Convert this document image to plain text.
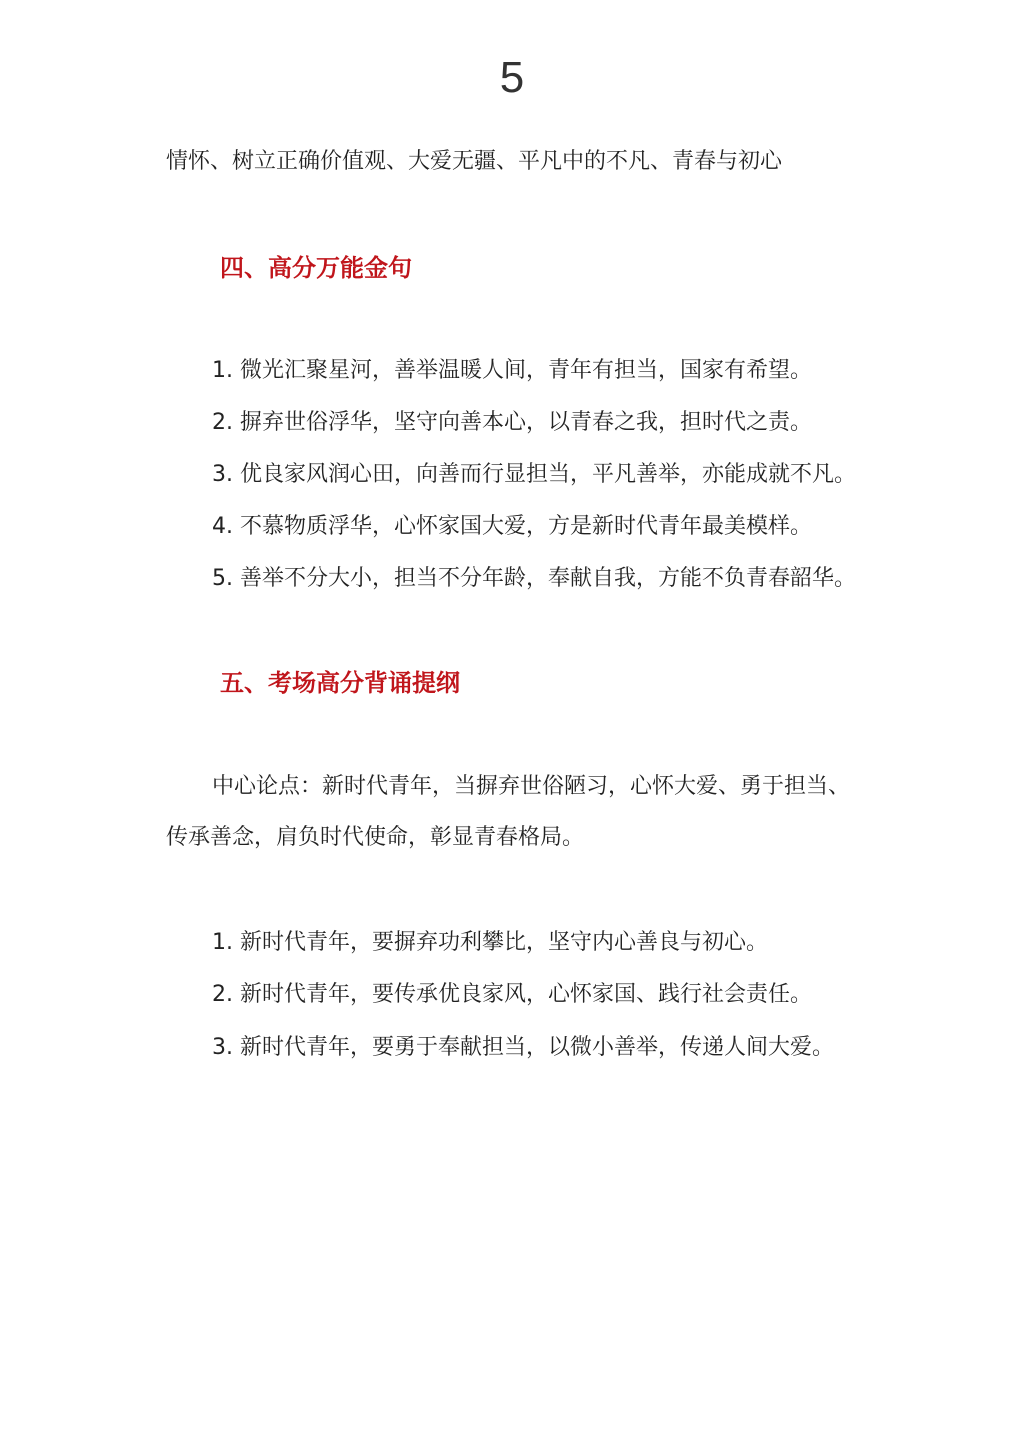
5
情怀、树立正确价值观、大爱无疆、平凡中的不凡、青春与初心
四、高分万能金句
1. 微光汇聚星河，善举温暖人间，青年有担当，国家有希望。
2. 摒弃世俗浮华，坚守向善本心，以青春之我，担时代之责。
3. 优良家风润心田，向善而行显担当，平凡善举，亦能成就不凡。
4. 不慕物质浮华，心怀家国大爱，方是新时代青年最美模样。
5. 善举不分大小，担当不分年龄，奉献自我，方能不负青春韶华。
五、考场高分背诵提纲
中心论点：新时代青年，当摒弃世俗陋习，心怀大爱、勇于担当、
传承善念，肩负时代使命，彰显青春格局。
1. 新时代青年，要摒弃功利攀比，坚守内心善良与初心。
2. 新时代青年，要传承优良家风，心怀家国、践行社会责任。
3. 新时代青年，要勇于奉献担当，以微小善举，传递人间大爱。
